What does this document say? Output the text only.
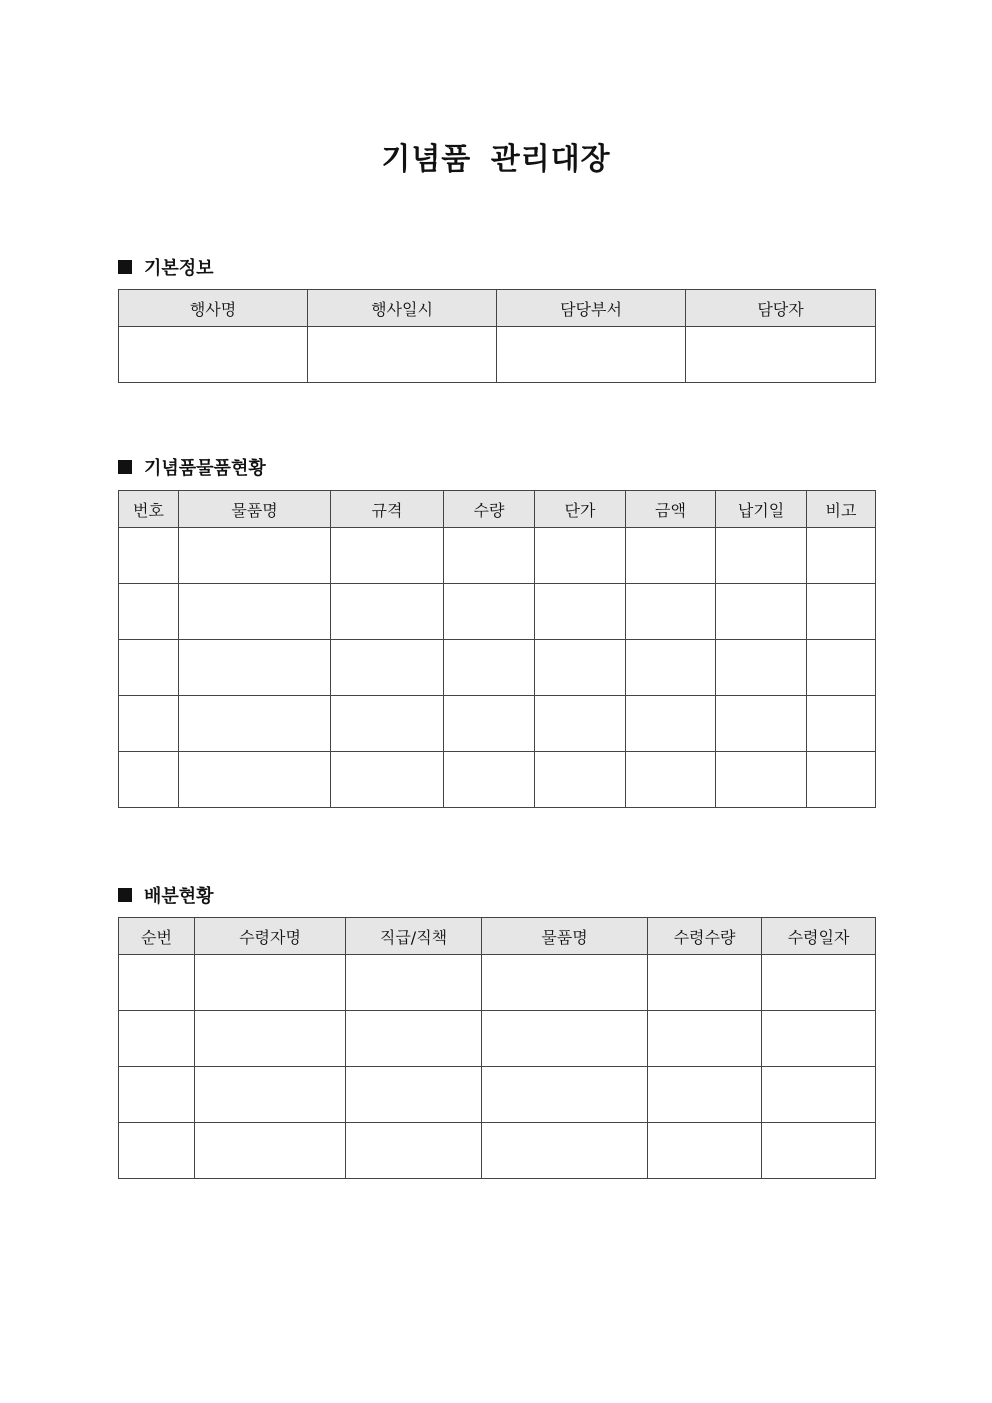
기념품 관리대장
기본정보
행사명	행사일시	담당부서	담당자

기념품물품현황
번호	물품명	규격	수량	단가	금액	납기일	비고

배분현황
순번	수령자명	직급/직책	물품명	수령수량	수령일자
